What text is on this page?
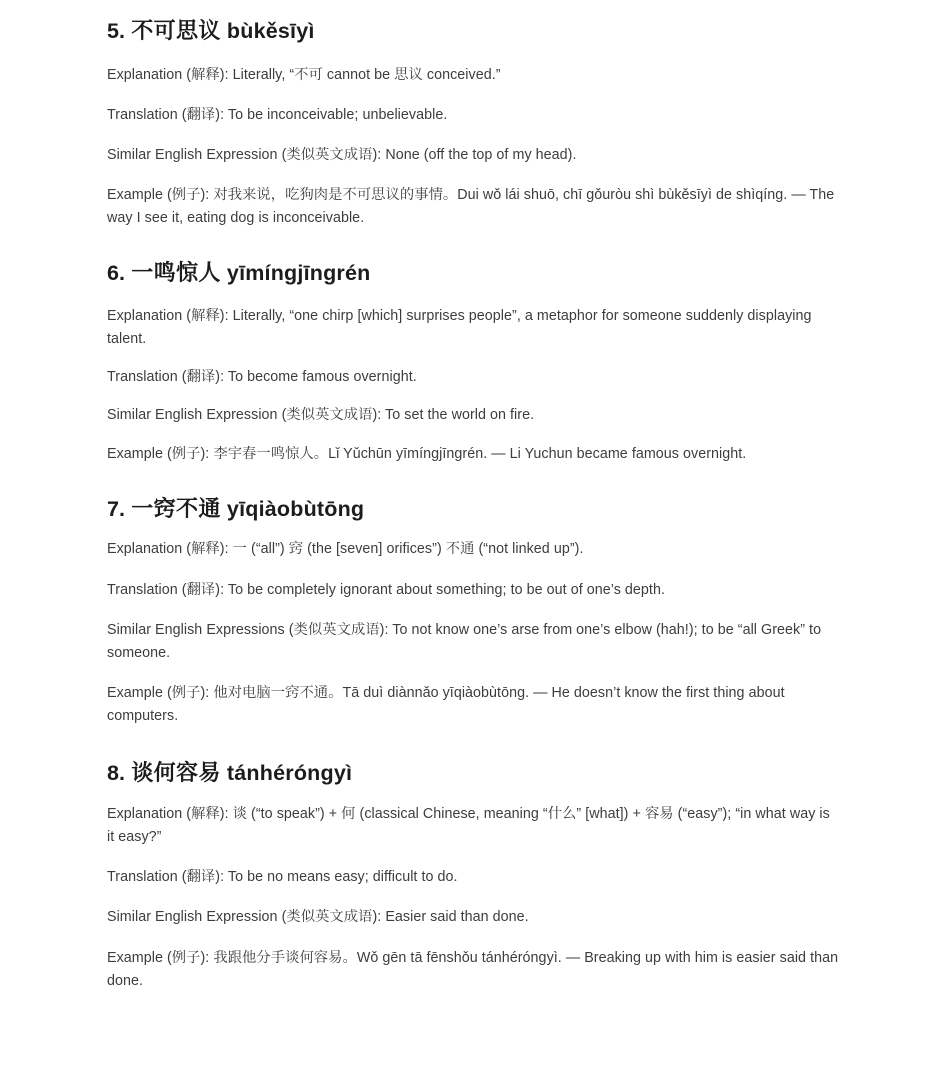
5. 不可思议 bùkěsīyì

Explanation (解释): Literally, “不可 cannot be 思议 conceived.”

Translation (翻译): To be inconceivable; unbelievable.

Similar English Expression (类似英文成语): None (off the top of my head).

Example (例子): 对我来说，吃狗肉是不可思议的事情。Dui wǒ lái shuō, chī gǒuròu shì bùkěsīyì de shìqíng. — The way I see it, eating dog is inconceivable.

6. 一鸣惊人 yīmíngjīngrén

Explanation (解释): Literally, “one chirp [which] surprises people”, a metaphor for someone suddenly displaying talent.

Translation (翻译): To become famous overnight.

Similar English Expression (类似英文成语): To set the world on fire.

Example (例子): 李宇春一鸣惊人。Lǐ Yǔchūn yīmíngjīngrén. — Li Yuchun became famous overnight.

7. 一窍不通 yīqiàobùtōng

Explanation (解释): 一 (“all”) 窍 (the [seven] orifices”) 不通 (“not linked up”).

Translation (翻译): To be completely ignorant about something; to be out of one’s depth.

Similar English Expressions (类似英文成语): To not know one’s arse from one’s elbow (hah!); to be “all Greek” to someone.

Example (例子): 他对电脑一窍不通。Tā duì diànnǎo yīqiàobùtōng. — He doesn’t know the first thing about computers.

8. 谈何容易 tánhéróngyì

Explanation (解释): 谈 (“to speak”) + 何 (classical Chinese, meaning “什么” [what]) + 容易 (“easy”); “in what way is it easy?”

Translation (翻译): To be no means easy; difficult to do.

Similar English Expression (类似英文成语): Easier said than done.

Example (例子): 我跟他分手谈何容易。Wǒ gēn tā fēnshǒu tánhéróngyì. — Breaking up with him is easier said than done.
